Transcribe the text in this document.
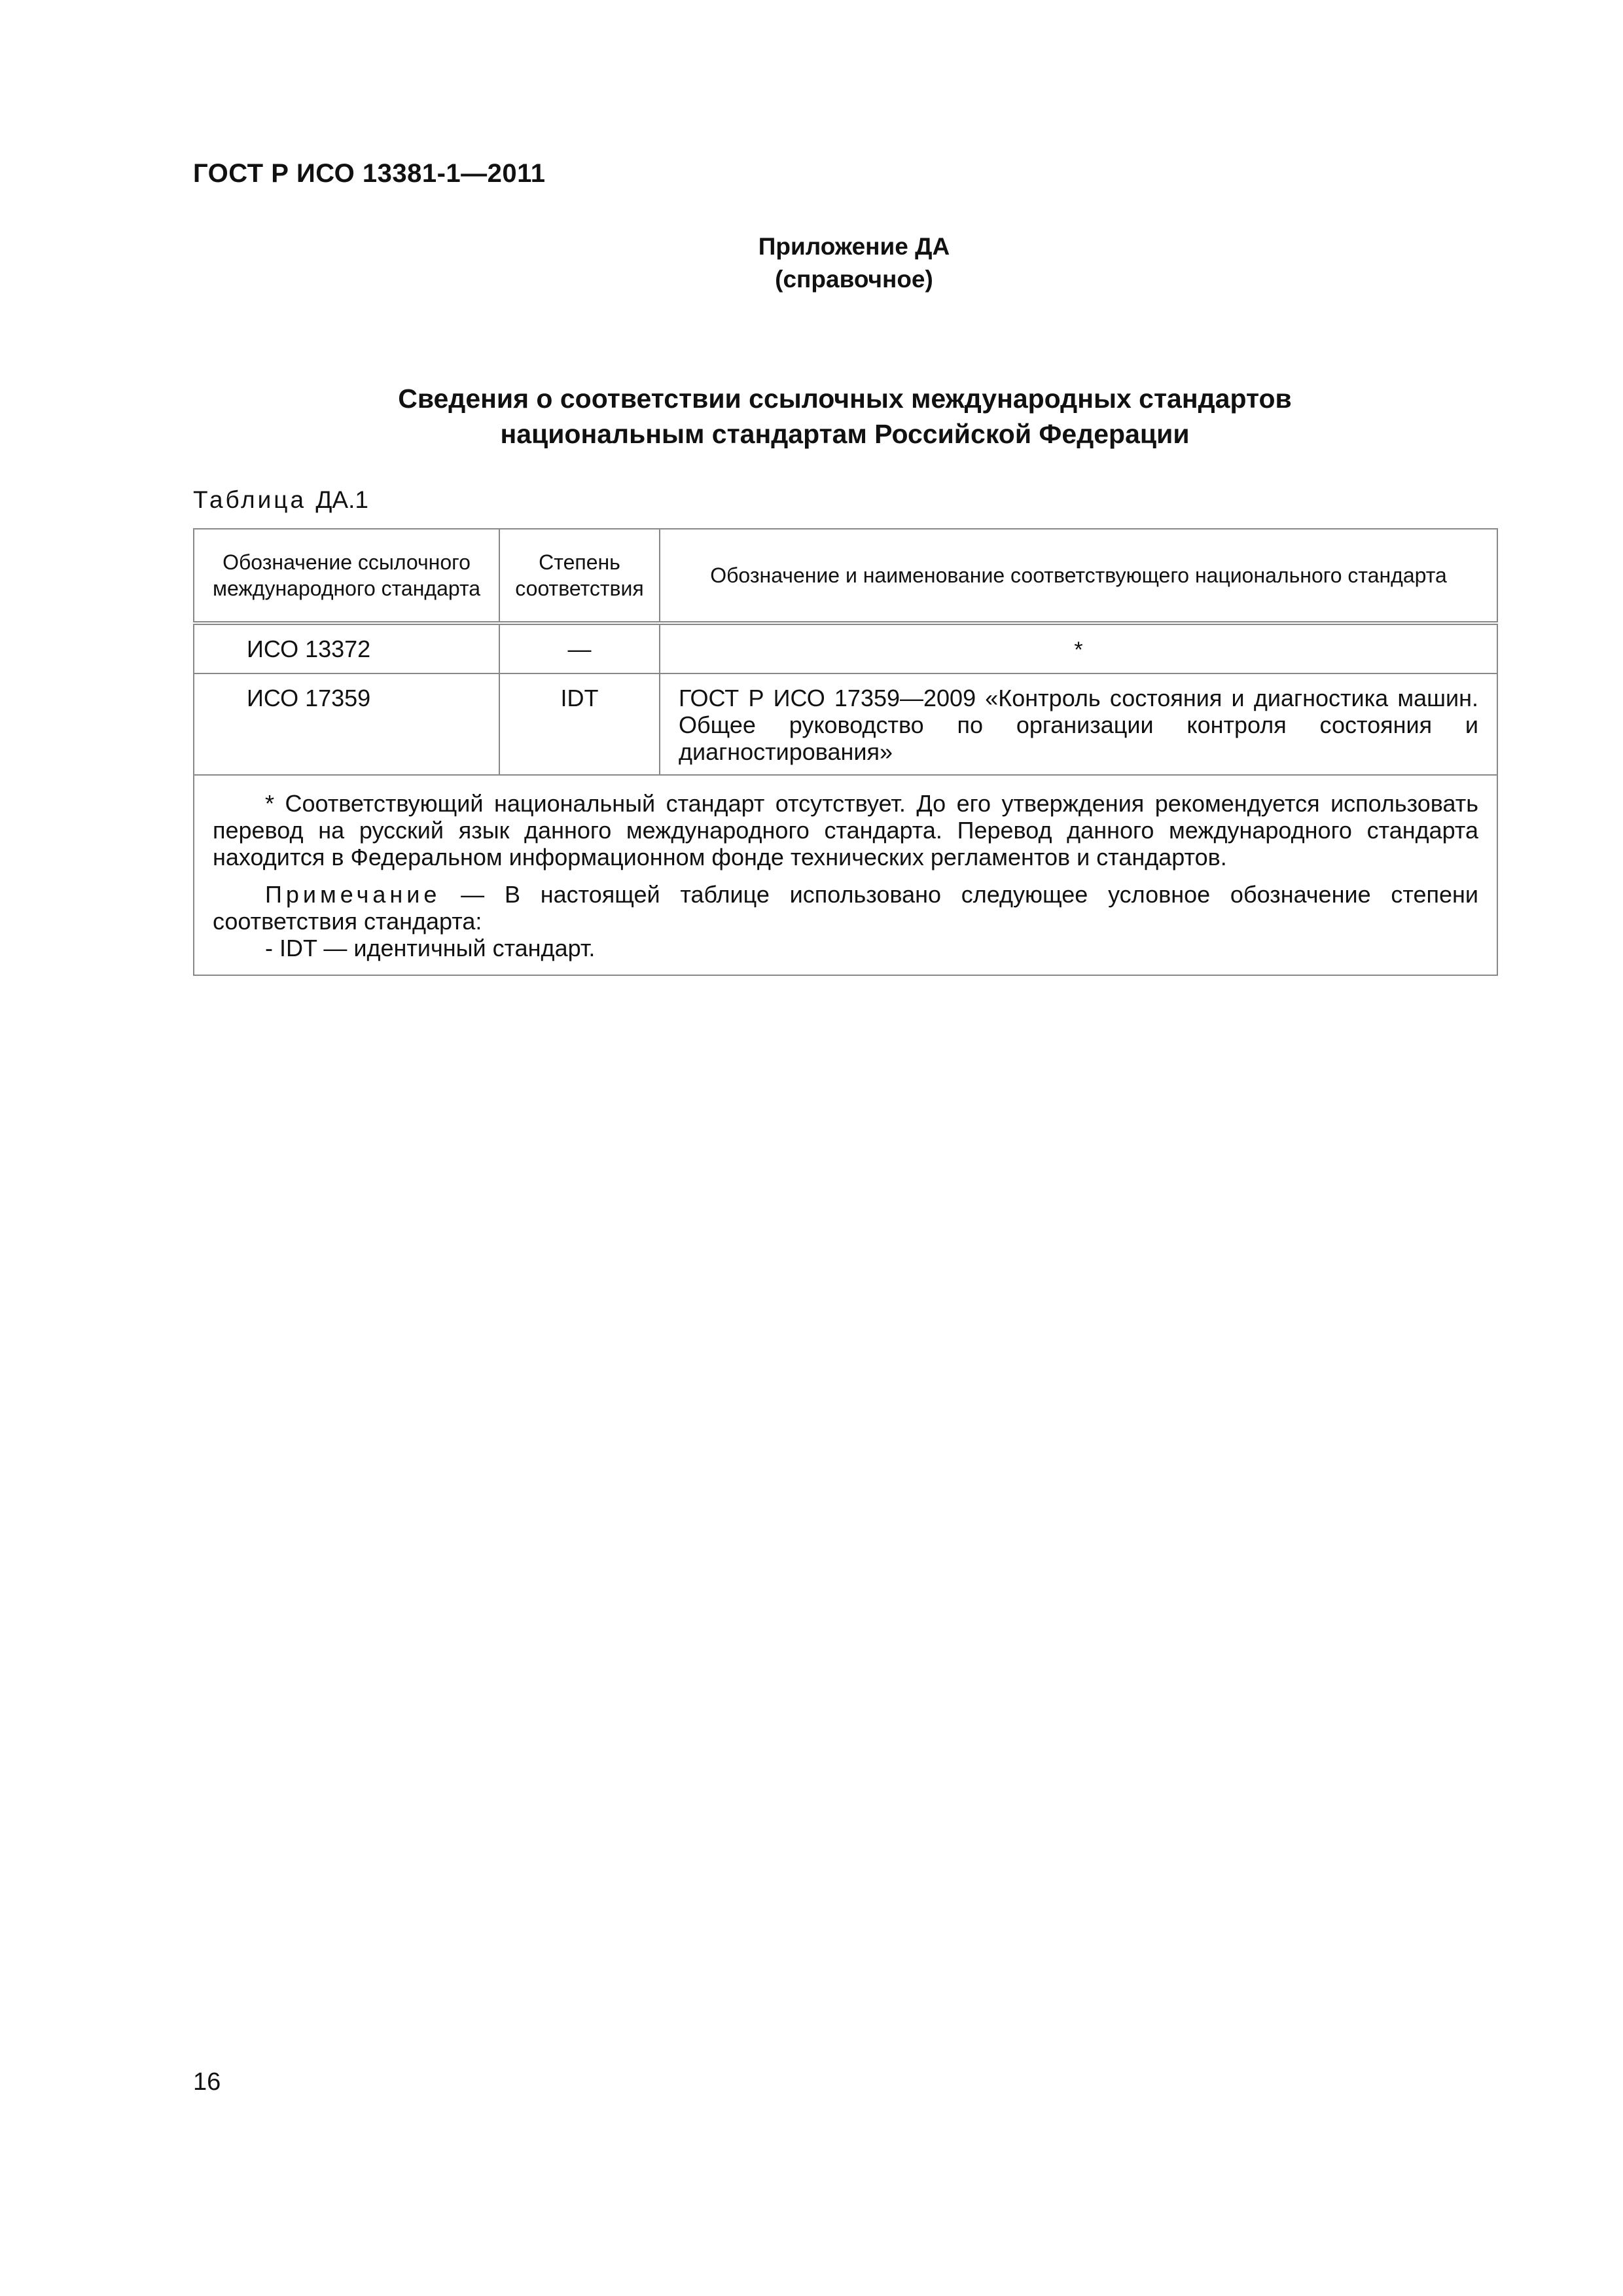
ГОСТ Р ИСО 13381-1—2011
Приложение ДА
(справочное)
Сведения о соответствии ссылочных международных стандартов
национальным стандартам Российской Федерации
Таблица ДА.1
Обозначение ссылочного международного стандарта	Степень соответствия	Обозначение и наименование соответствующего национального стандарта
ИСО 13372	—	*
ИСО 17359	IDT	ГОСТ Р ИСО 17359—2009 «Контроль состояния и диагностика машин. Общее руководство по организации контроля состояния и диагностирования»

* Соответствующий национальный стандарт отсутствует. До его утверждения рекомендуется использовать перевод на русский язык данного международного стандарта. Перевод данного международного стандарта находится в Федеральном информационном фонде технических регламентов и стандартов.

Примечание — В настоящей таблице использовано следующее условное обозначение степени соответствия стандарта:

- IDT — идентичный стандарт.		

16
